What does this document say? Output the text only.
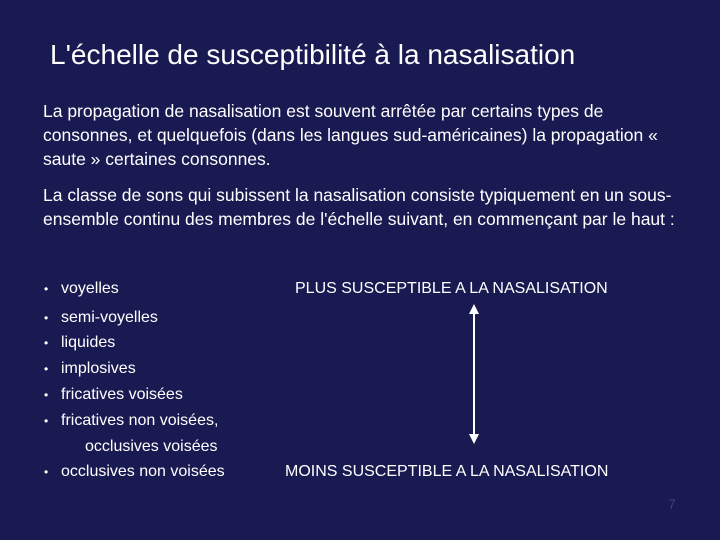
L'échelle de susceptibilité à la nasalisation
La propagation de nasalisation est souvent arrêtée par certains types de consonnes, et quelquefois (dans les langues sud-américaines) la propagation « saute » certaines consonnes.
La classe de sons qui subissent la nasalisation consiste typiquement en un sous-ensemble continu des membres de l'échelle suivant, en commençant par le haut :
• voyelles
• semi-voyelles
• liquides
• implosives
• fricatives voisées
• fricatives non voisées,
• occlusives non voisées
occlusives voisées
PLUS SUSCEPTIBLE A LA NASALISATION
MOINS SUSCEPTIBLE A LA NASALISATION
7
